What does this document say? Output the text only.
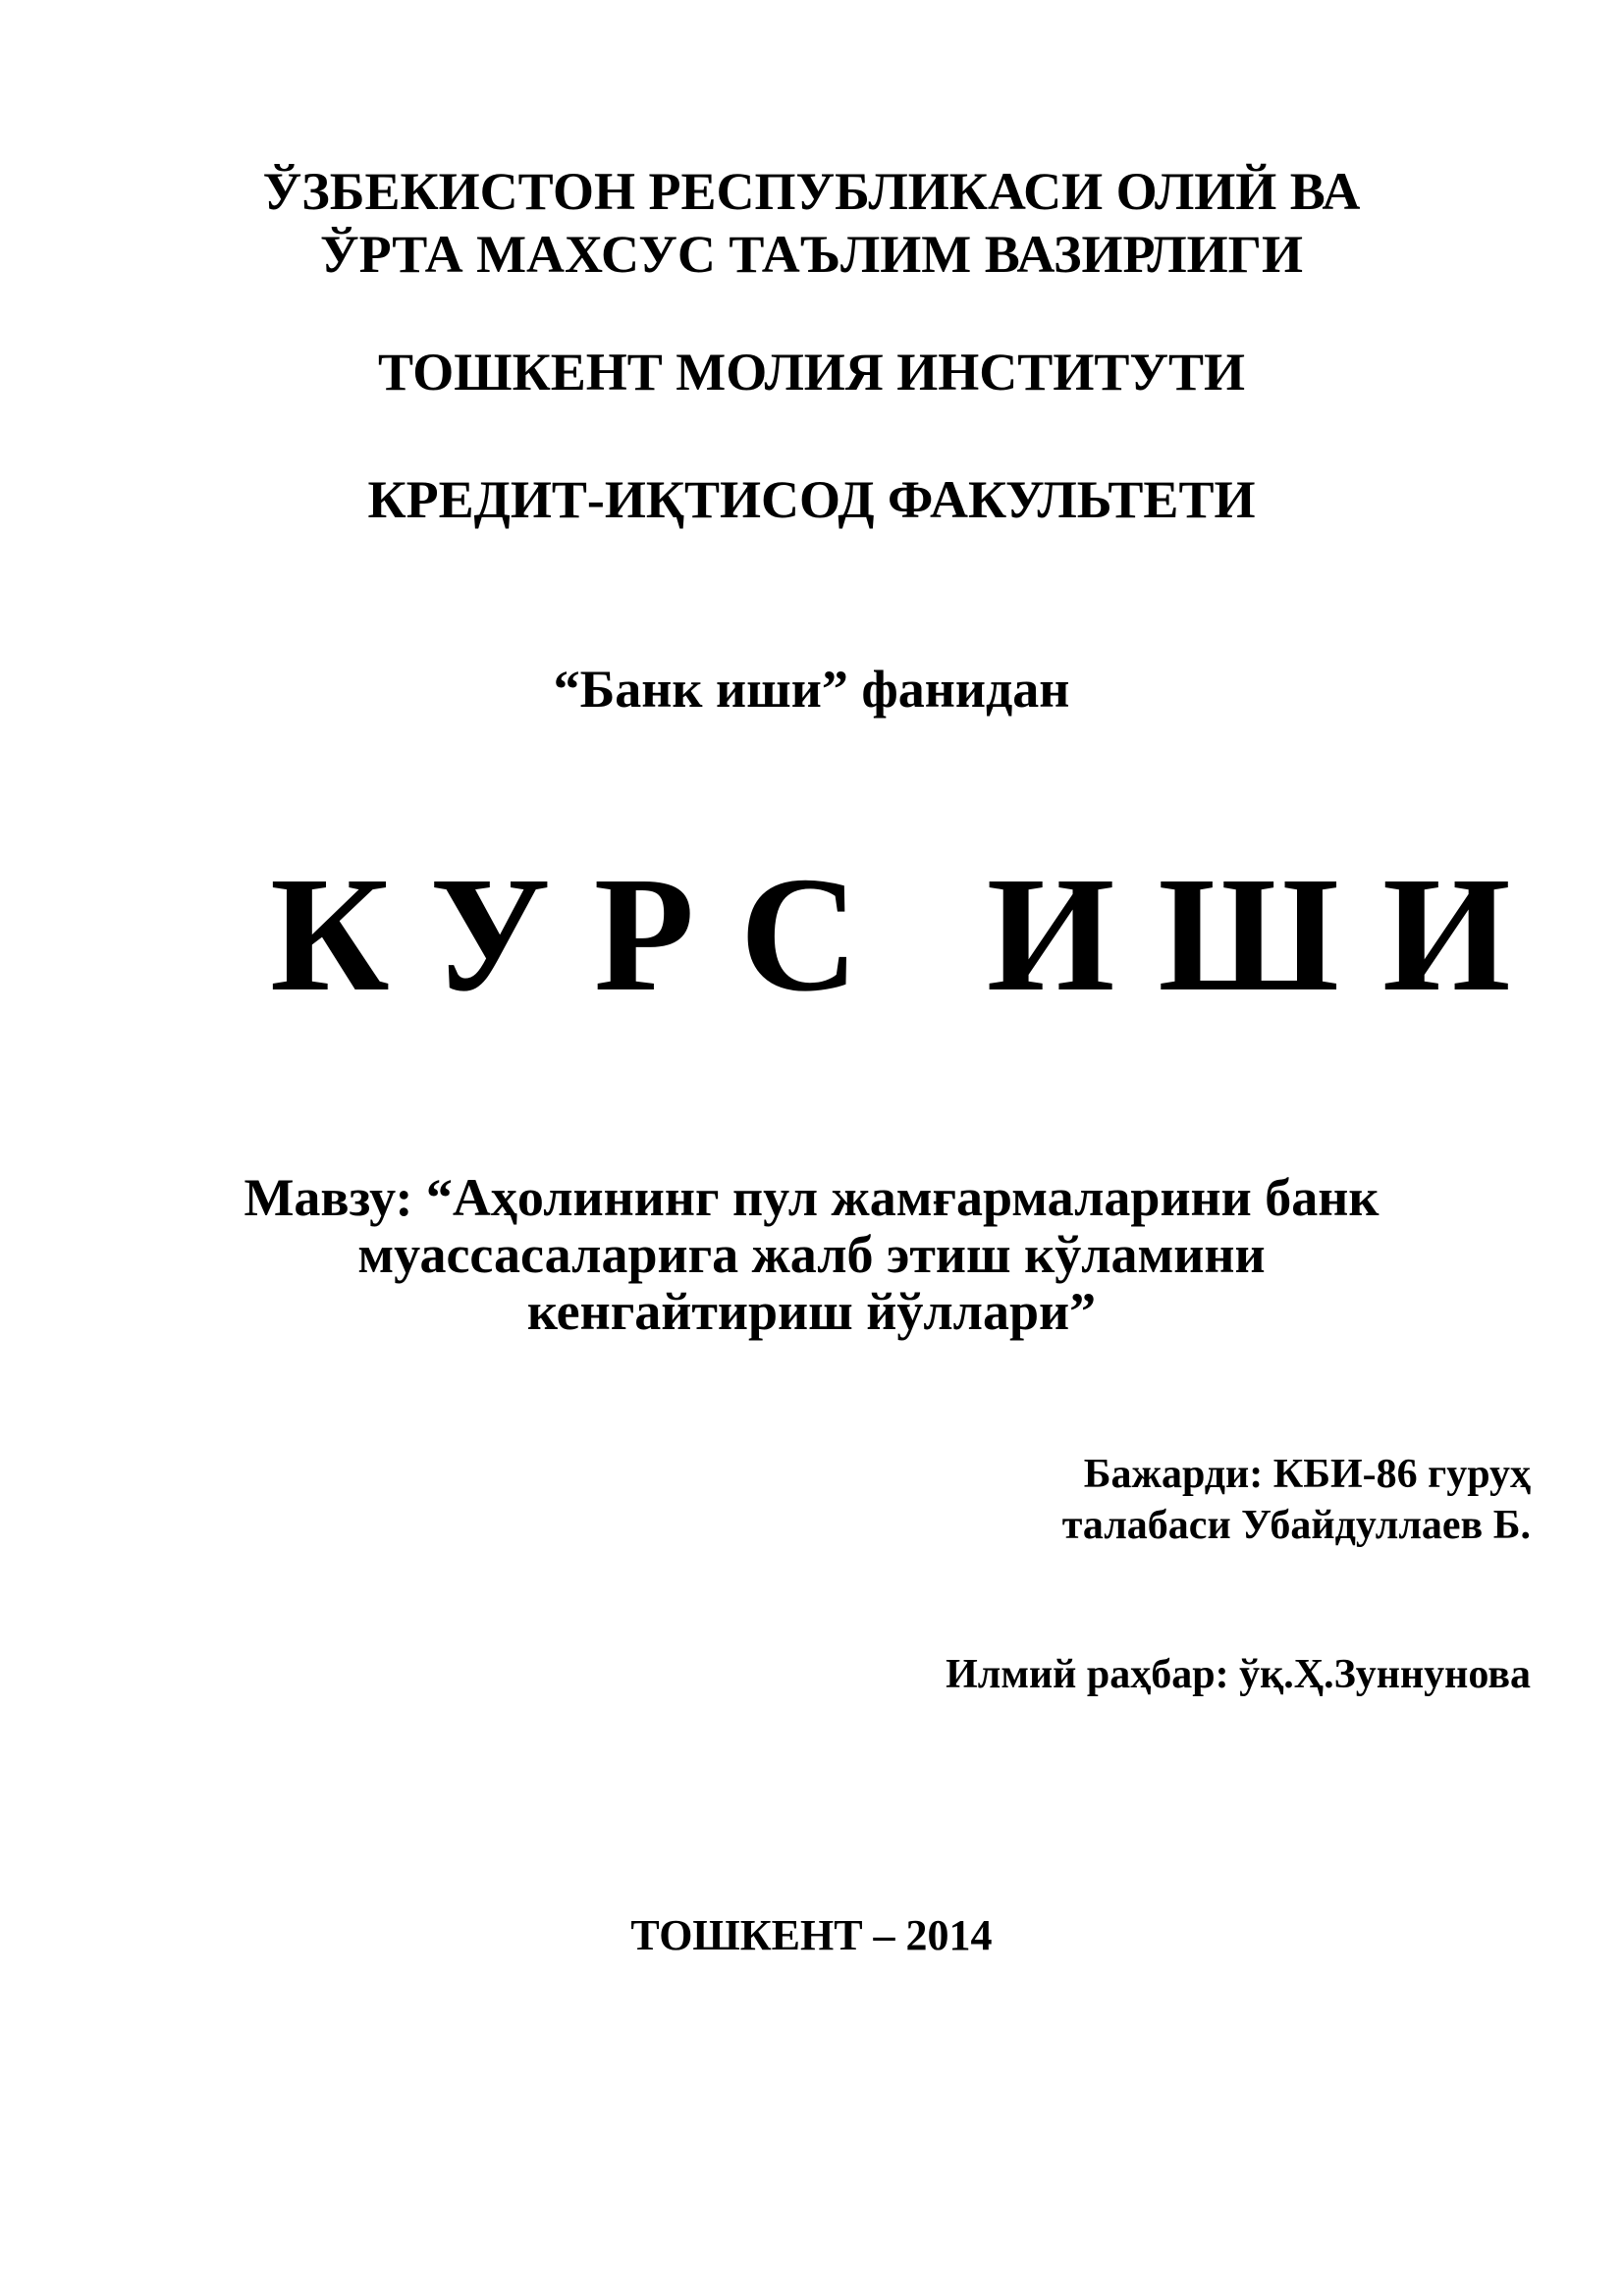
ЎЗБЕКИСТОН РЕСПУБЛИКАСИ ОЛИЙ ВА
ЎРТА МАХСУС ТАЪЛИМ ВАЗИРЛИГИ
ТОШКЕНТ МОЛИЯ ИНСТИТУТИ
КРЕДИТ-ИҚТИСОД ФАКУЛЬТЕТИ
“Банк иши” фанидан
КУРС ИШИ
Мавзу: “Аҳолининг пул жамғармаларини банк
муассасаларига жалб этиш кўламини
кенгайтириш йўллари”
Бажарди: КБИ-86 гуруҳ
талабаси Убайдуллаев Б.
Илмий раҳбар: ўқ.Ҳ.Зуннунова
ТОШКЕНТ – 2014
